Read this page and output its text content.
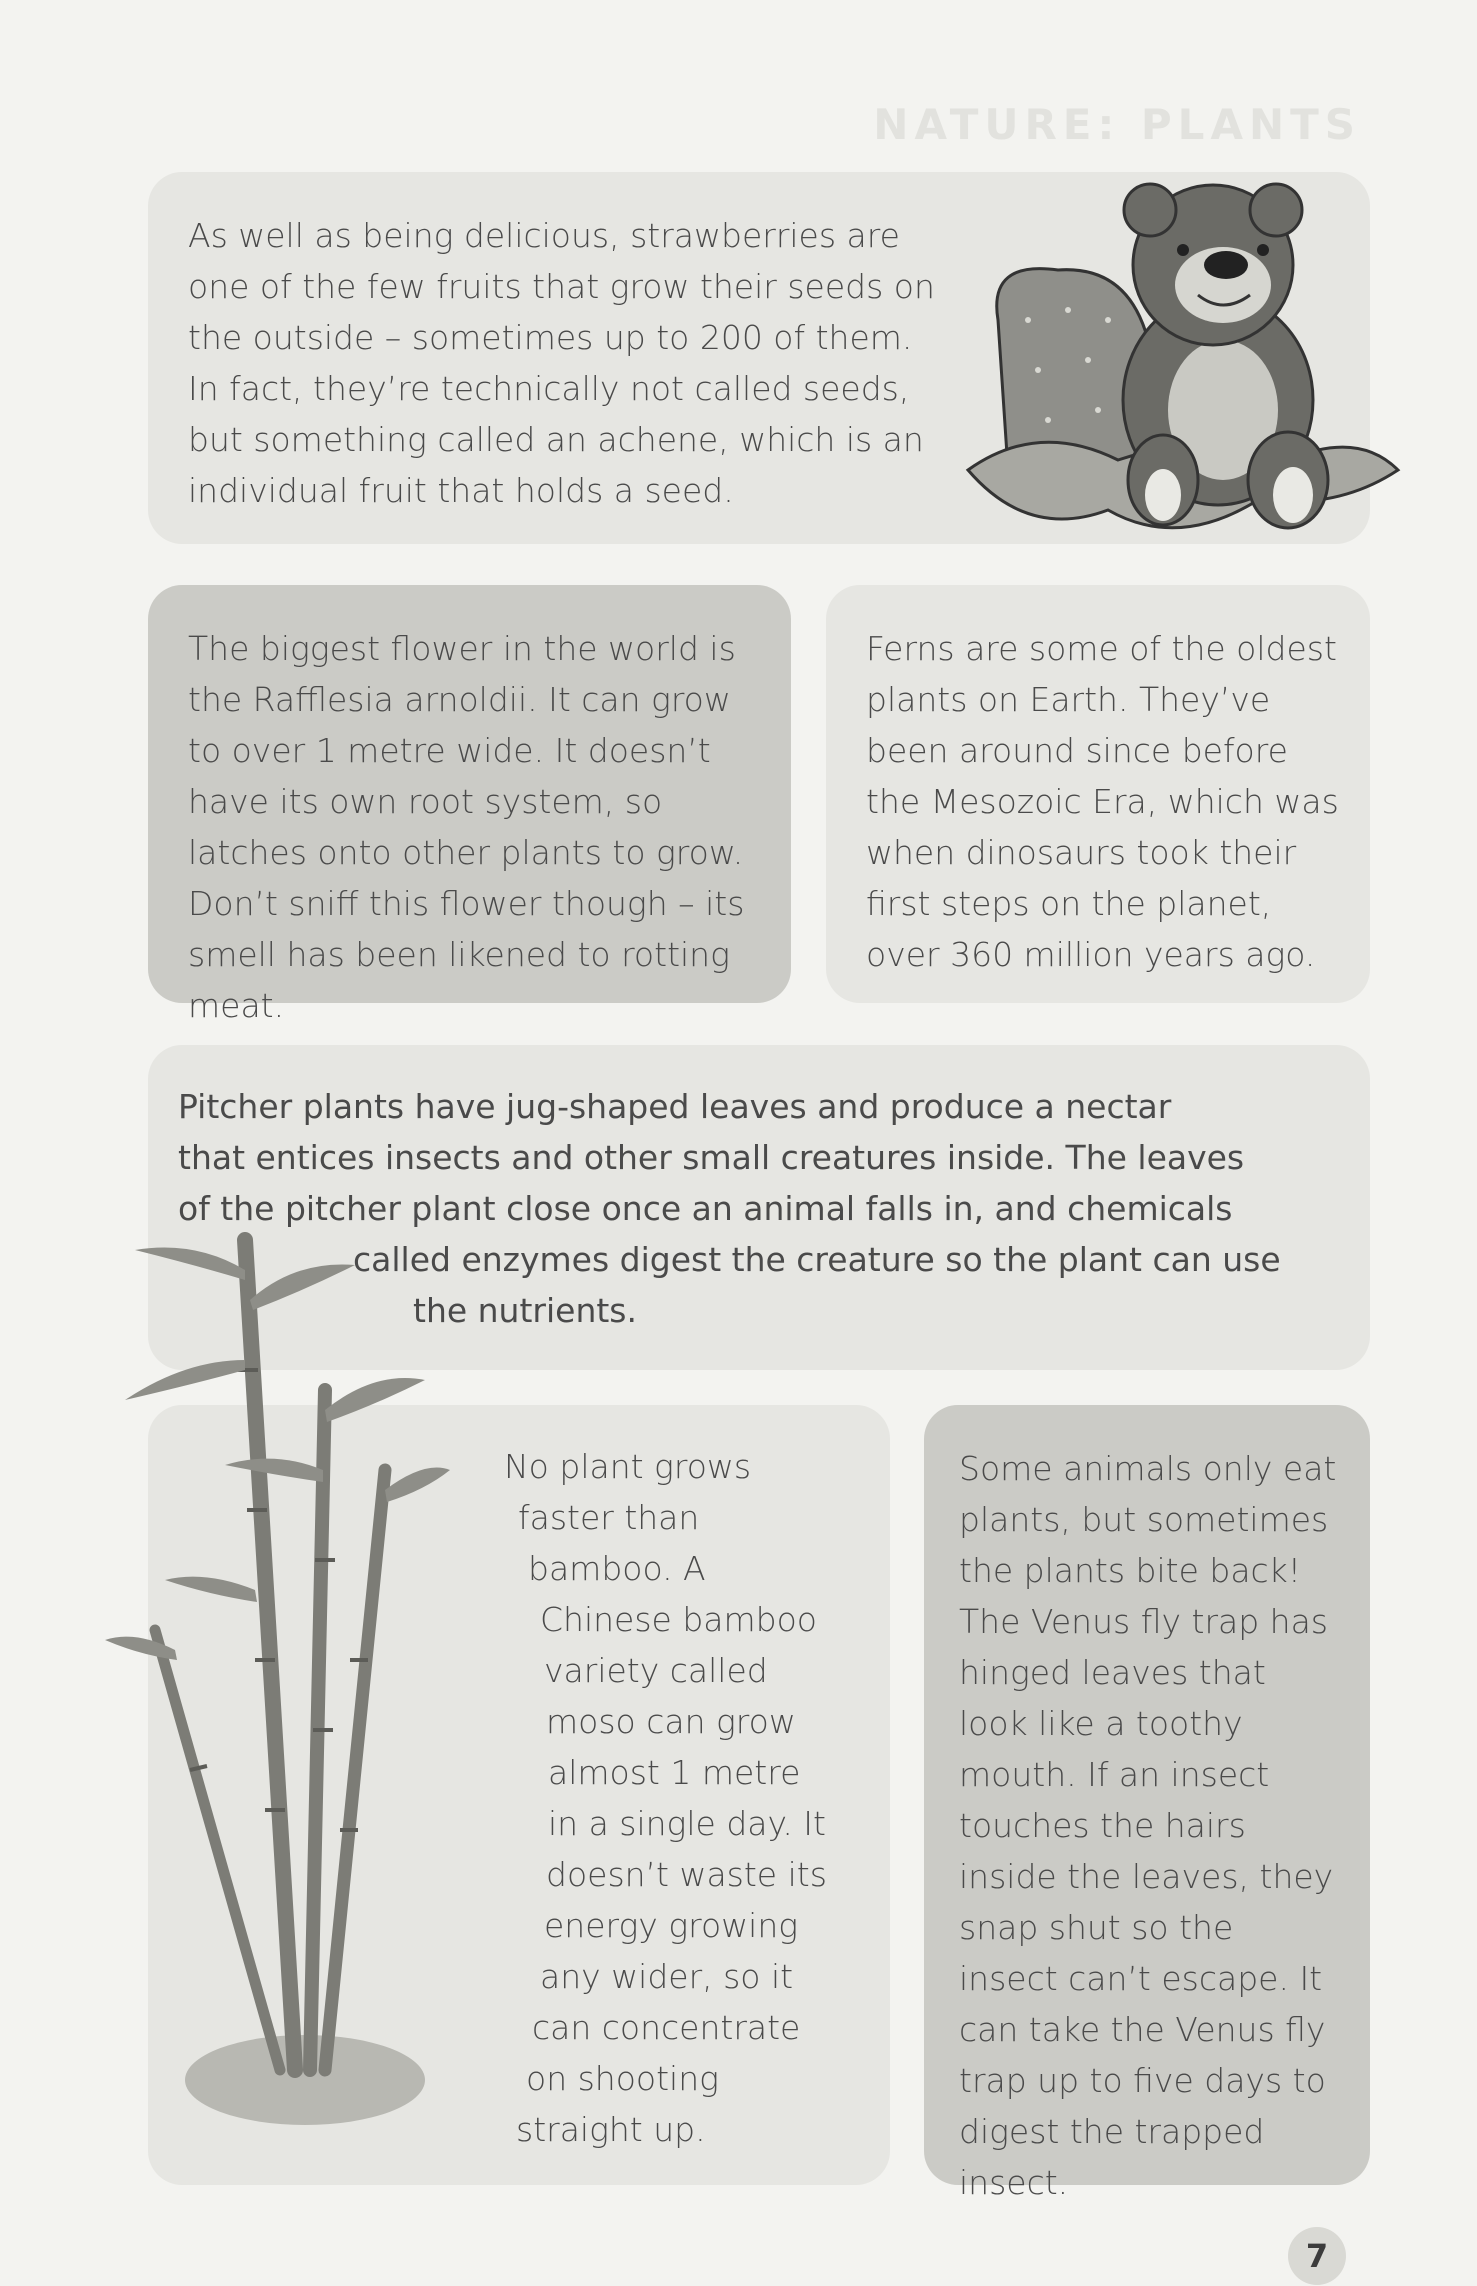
NATURE: PLANTS

As well as being delicious, strawberries are one of the few fruits that grow their seeds on the outside – sometimes up to 200 of them. In fact, they’re technically not called seeds, but something called an achene, which is an individual fruit that holds a seed.

The biggest flower in the world is the Rafflesia arnoldii. It can grow to over 1 metre wide. It doesn’t have its own root system, so latches onto other plants to grow. Don’t sniff this flower though – its smell has been likened to rotting meat.

Ferns are some of the oldest plants on Earth. They’ve been around since before the Mesozoic Era, which was when dinosaurs took their first steps on the planet, over 360 million years ago.

Pitcher plants have jug-shaped leaves and produce a nectar
that entices insects and other small creatures inside. The leaves
of the pitcher plant close once an animal falls in, and chemicals
called enzymes digest the creature so the plant can use
the nutrients.
No plant grows
faster than
bamboo. A
Chinese bamboo
variety called
moso can grow
almost 1 metre
in a single day. It
doesn’t waste its
energy growing
any wider, so it
can concentrate
on shooting
straight up.

Some animals only eat plants, but sometimes the plants bite back! The Venus fly trap has hinged leaves that look like a toothy mouth. If an insect touches the hairs inside the leaves, they snap shut so the insect can’t escape. It can take the Venus fly trap up to five days to digest the trapped insect.

7
